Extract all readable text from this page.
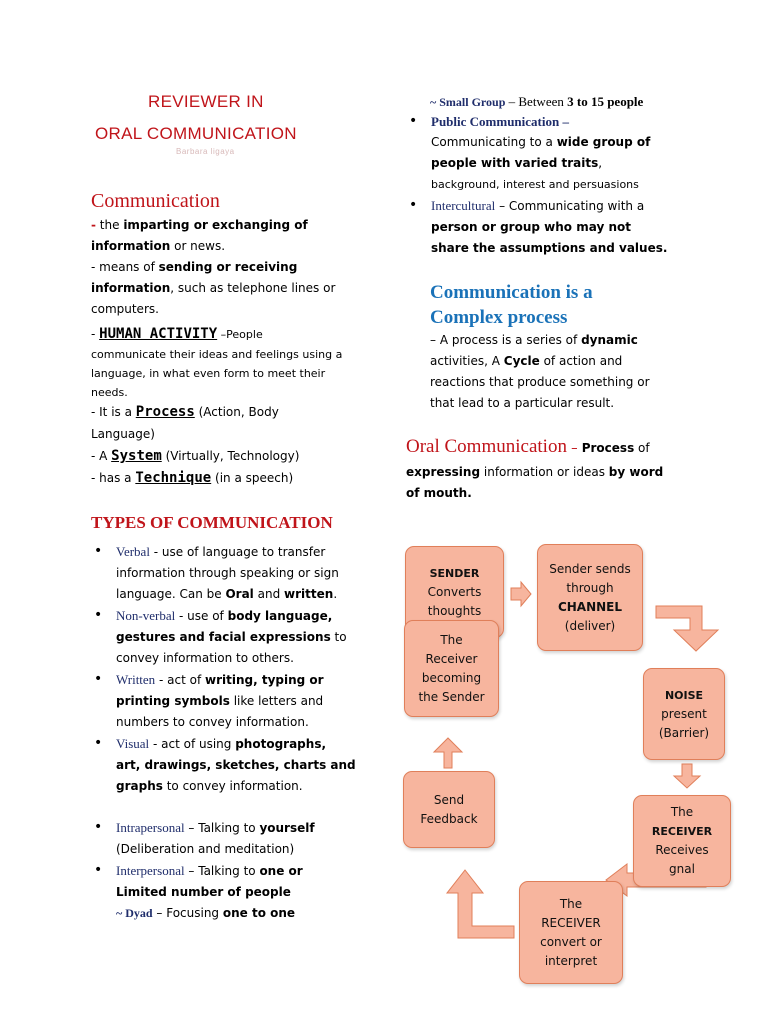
REVIEWER IN
ORAL COMMUNICATION
Barbara ligaya
Communication
- the imparting or exchanging of
information or news.
- means of sending or receiving
information, such as telephone lines or
computers.
- HUMAN ACTIVITY –People
communicate their ideas and feelings using a
language, in what even form to meet their
needs.
- It is a Process (Action, Body
Language)
- A System (Virtually, Technology)
- has a Technique (in a speech)
TYPES OF COMMUNICATION
• Verbal - use of language to transfer
information through speaking or sign
language. Can be Oral and written.
• Non-verbal - use of body language,
gestures and facial expressions to
convey information to others.
• Written - act of writing, typing or
printing symbols like letters and
numbers to convey information.
• Visual - act of using photographs,
art, drawings, sketches, charts and
graphs to convey information.
• Intrapersonal – Talking to yourself
(Deliberation and meditation)
• Interpersonal – Talking to one or
Limited number of people
~ Dyad – Focusing one to one
~ Small Group – Between 3 to 15 people
• Public Communication –
Communicating to a wide group of
people with varied traits,
background, interest and persuasions
• Intercultural – Communicating with a
person or group who may not
share the assumptions and values.
Communication is a
Complex process
– A process is a series of dynamic
activities, A Cycle of action and
reactions that produce something or
that lead to a particular result.
Oral Communication – Process of
expressing information or ideas by word
of mouth.
SENDER
Converts
thoughts
The
Receiver
becoming
the Sender
Sender sends
through
CHANNEL
(deliver)
NOISE
present
(Barrier)
The
RECEIVER
Receives
gnal
The
RECEIVER
convert or
interpret
Send
Feedback
